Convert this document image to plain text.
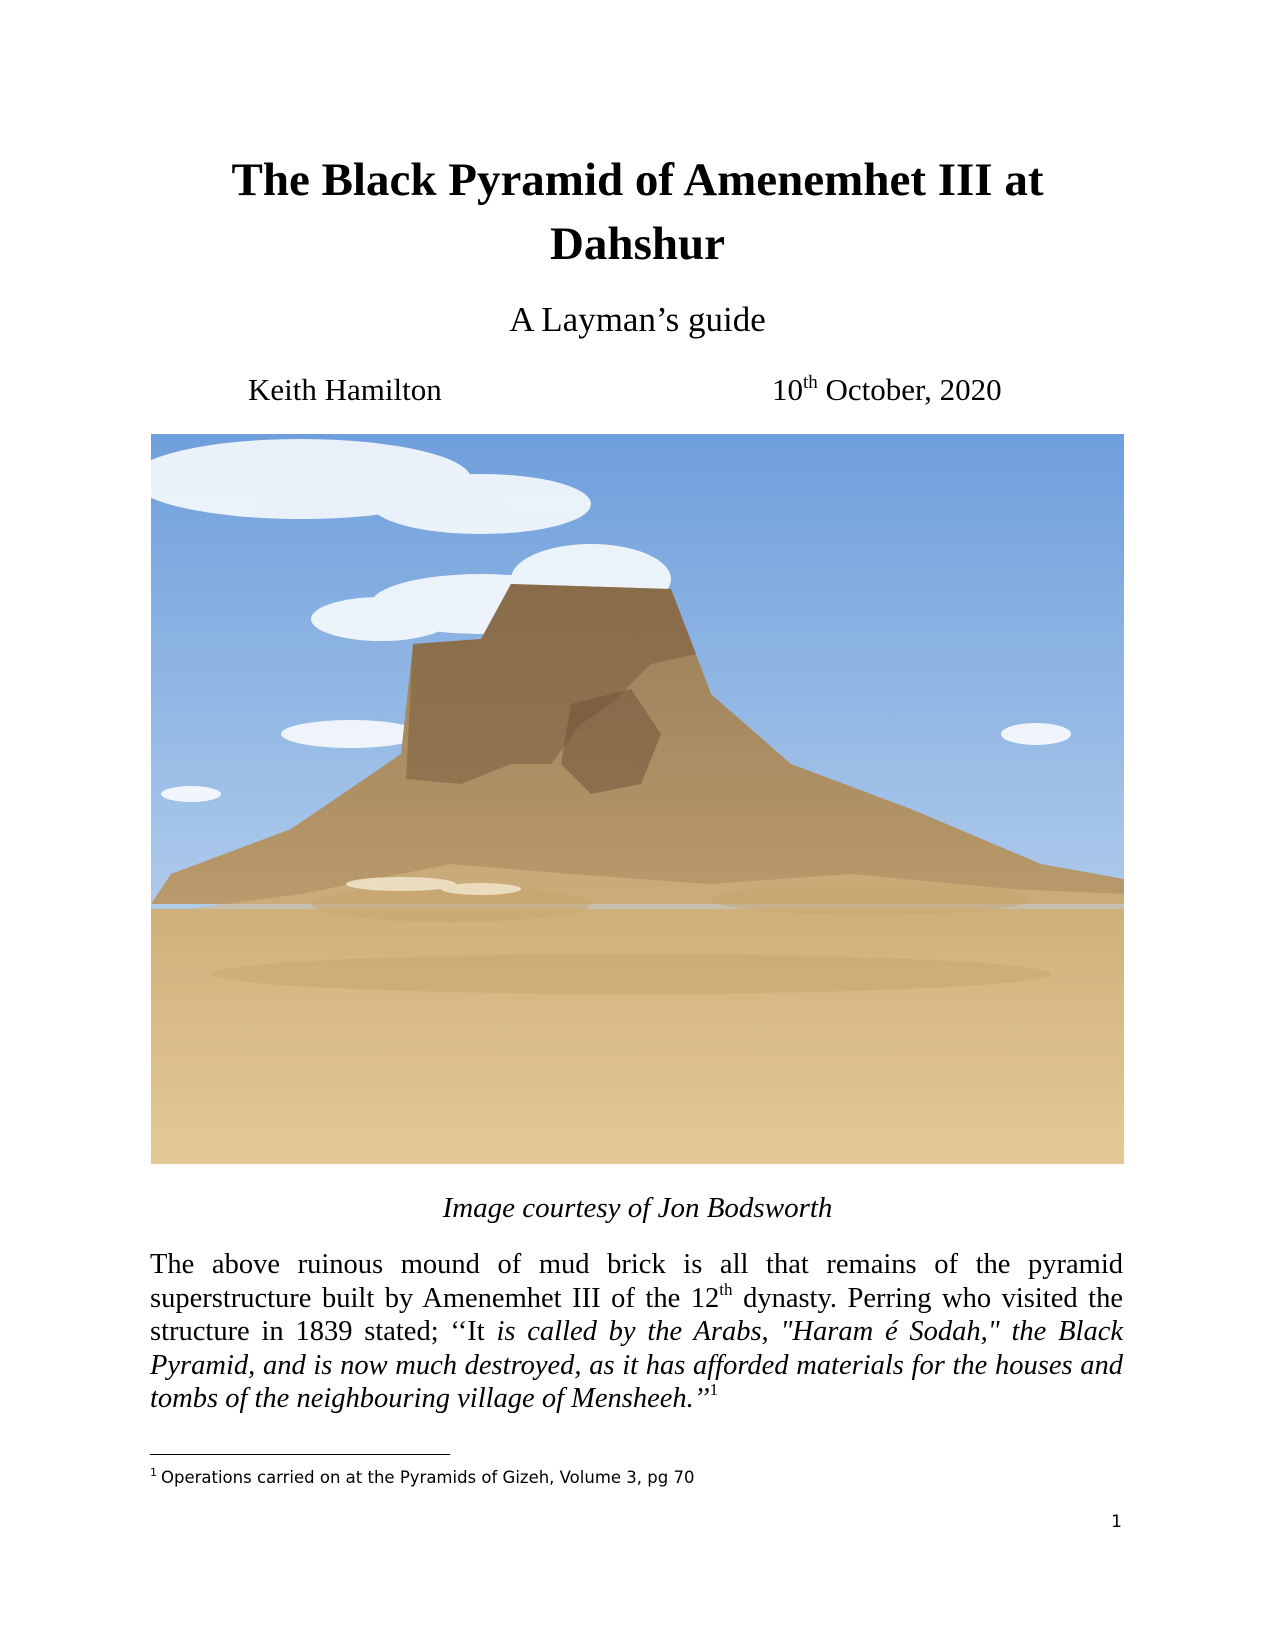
The Black Pyramid of Amenemhet III at Dahshur
A Layman’s guide
Keith Hamilton	10th October, 2020
Image courtesy of Jon Bodsworth

The above ruinous mound of mud brick is all that remains of the pyramid superstructure built by Amenemhet III of the 12th dynasty. Perring who visited the structure in 1839 stated; ‘‘It is called by the Arabs, "Haram é Sodah," the Black Pyramid, and is now much destroyed, as it has afforded materials for the houses and tombs of the neighbouring village of Mensheeh.’’$^1$

$^1$ Operations carried on at the Pyramids of Gizeh, Volume 3, pg 70
1
